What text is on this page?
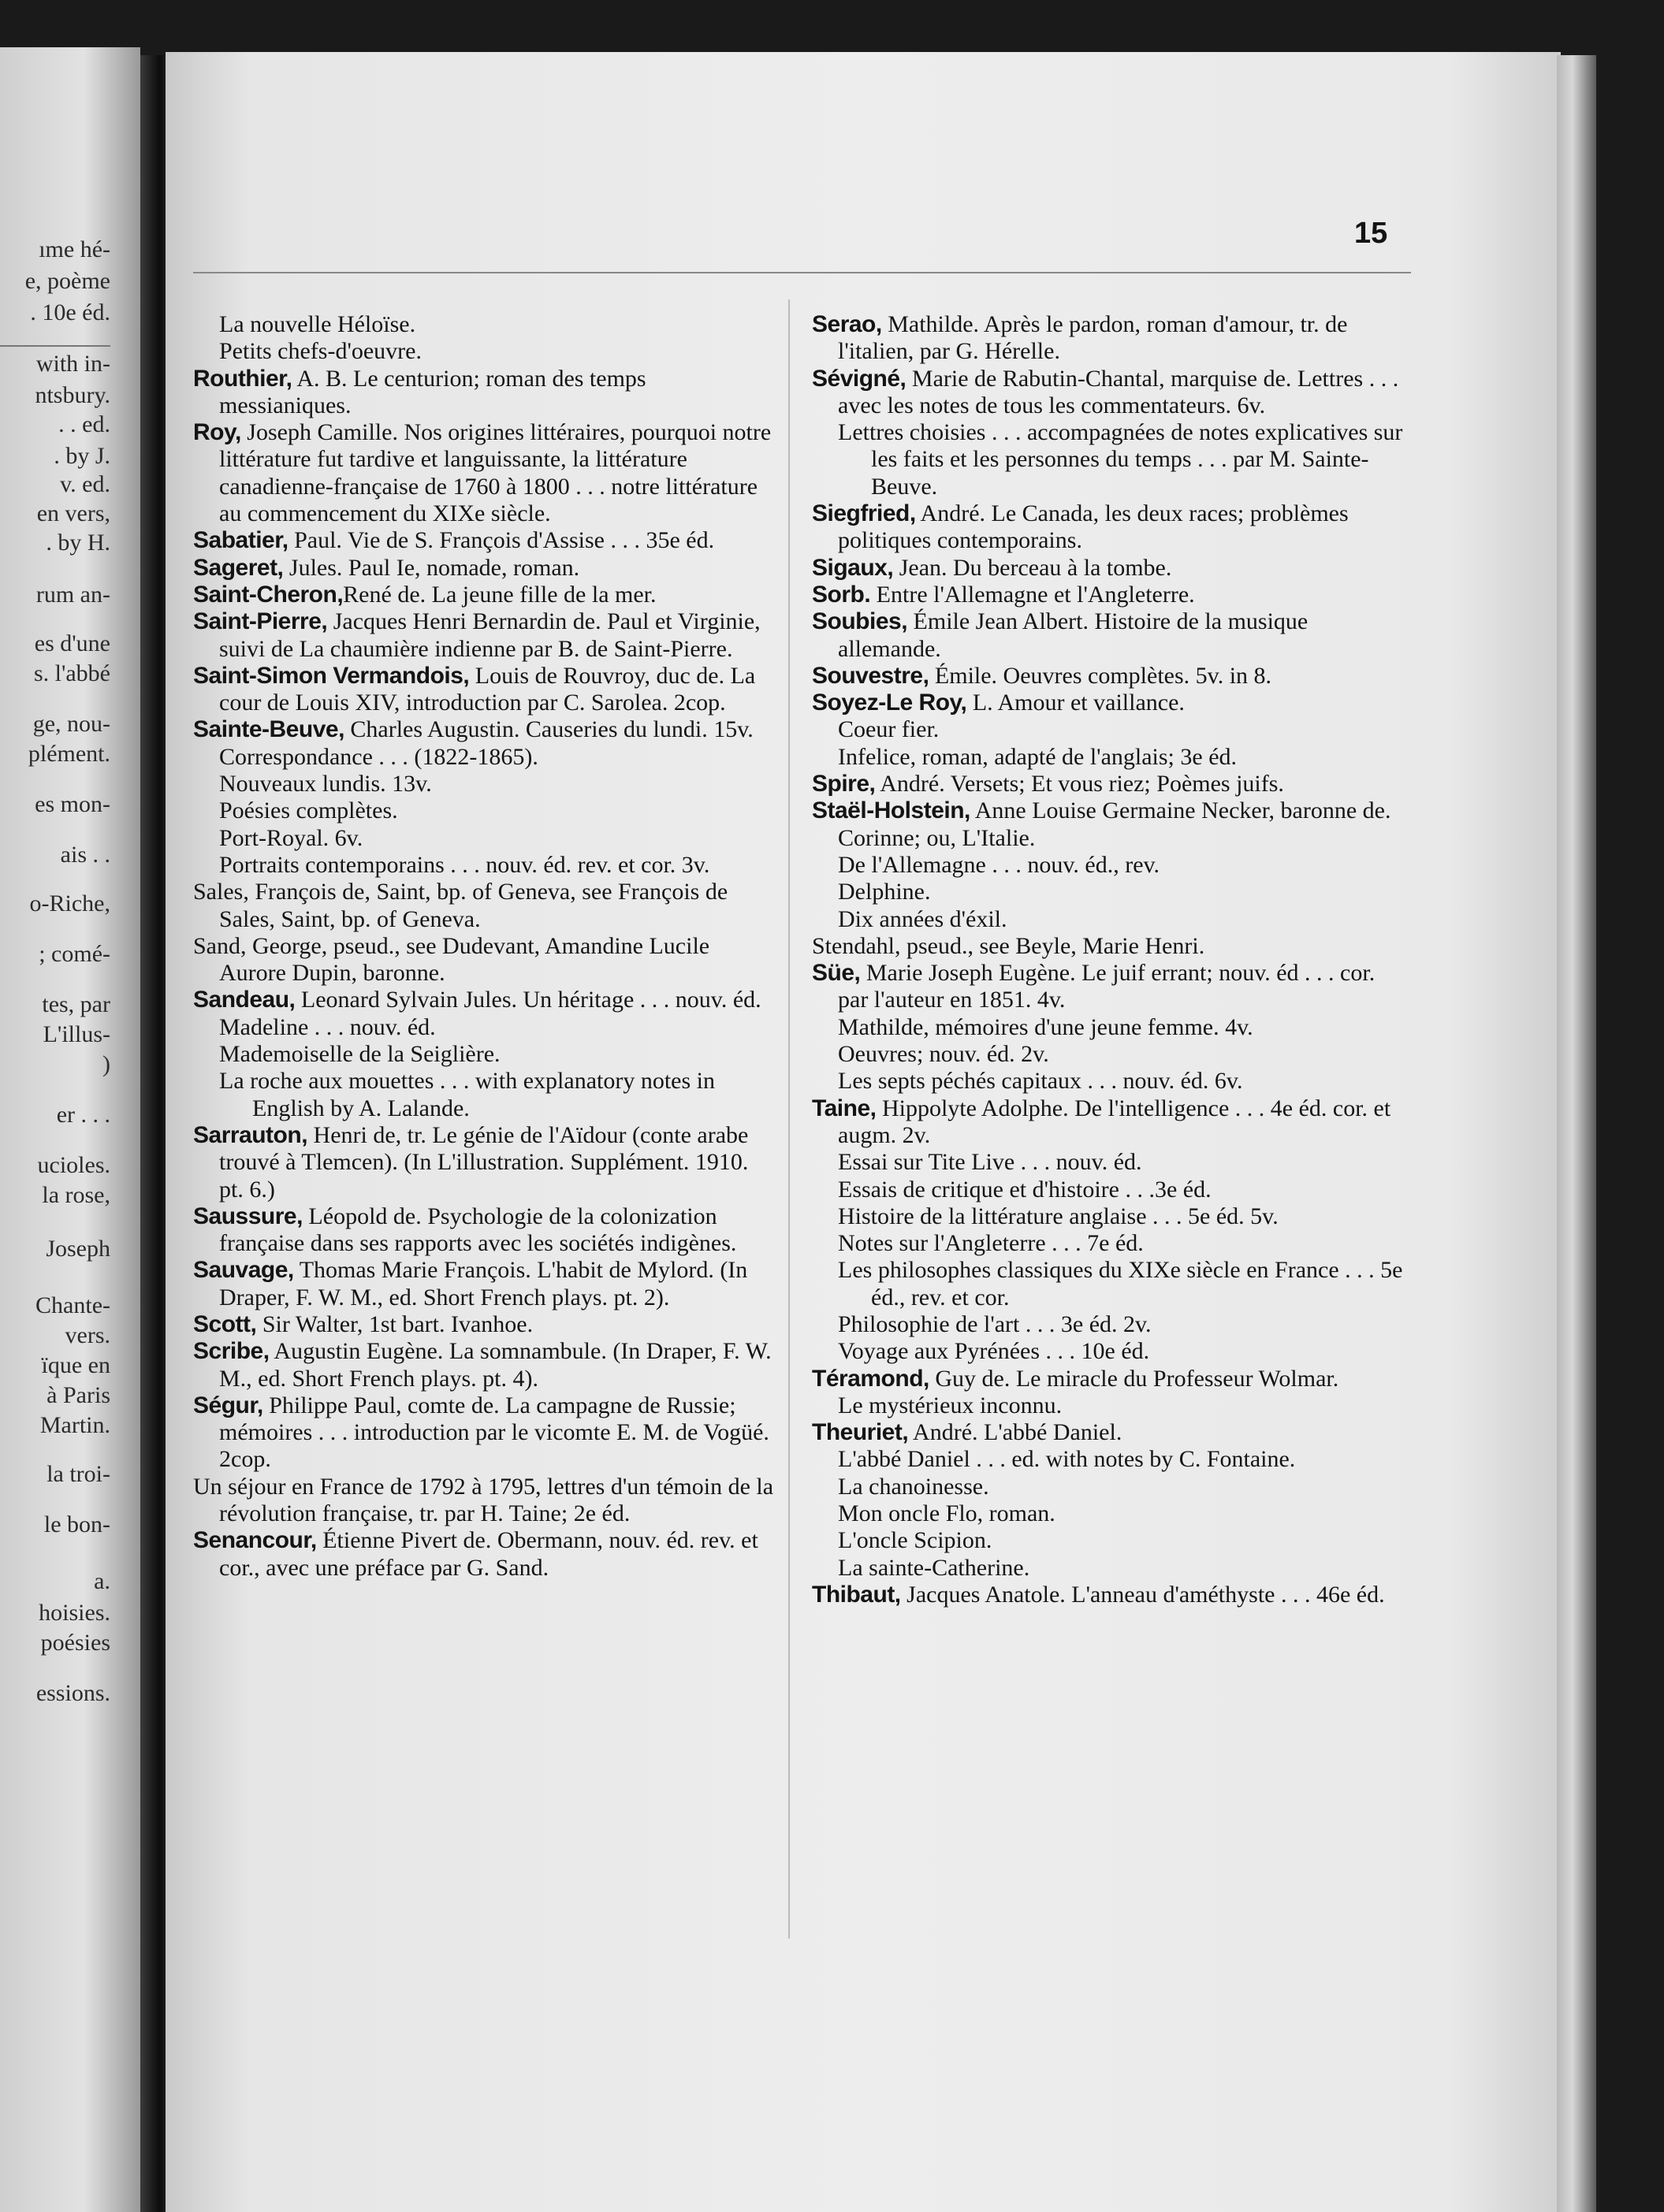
ıme hé-
e, poème
. 10e éd.
with in-
ntsbury.
. . ed.
. by J.
v. ed.
en vers,
. by H.
rum an-
es d'une
s. l'abbé
ge, nou-
plément.
es mon-
ais . .
o-Riche,
; comé-
tes, par
L'illus-
)
er . . .
ucioles.
la rose,
Joseph
Chante-
vers.
ïque en
à Paris
Martin.
la troi-
le bon-
a.
hoisies.
poésies
essions.
15
La nouvelle Héloïse.
Petits chefs-d'oeuvre.
Routhier, A. B. Le centurion; roman des temps messianiques.
Roy, Joseph Camille. Nos origines littéraires, pourquoi notre littérature fut tardive et languissante, la littérature canadienne-française de 1760 à 1800 . . . notre littérature au commencement du XIXe siècle.
Sabatier, Paul. Vie de S. François d'Assise . . . 35e éd.
Sageret, Jules. Paul Ie, nomade, roman.
Saint-Cheron,René de. La jeune fille de la mer.
Saint-Pierre, Jacques Henri Bernardin de. Paul et Virginie, suivi de La chaumière indienne par B. de Saint-Pierre.
Saint-Simon Vermandois, Louis de Rouvroy, duc de. La cour de Louis XIV, introduction par C. Sarolea. 2cop.
Sainte-Beuve, Charles Augustin. Causeries du lundi. 15v.
Correspondance . . . (1822-1865).
Nouveaux lundis. 13v.
Poésies complètes.
Port-Royal. 6v.
Portraits contemporains . . . nouv. éd. rev. et cor. 3v.
Sales, François de, Saint, bp. of Geneva, see François de Sales, Saint, bp. of Geneva.
Sand, George, pseud., see Dudevant, Amandine Lucile Aurore Dupin, baronne.
Sandeau, Leonard Sylvain Jules. Un héritage . . . nouv. éd.
Madeline . . . nouv. éd.
Mademoiselle de la Seiglière.
La roche aux mouettes . . . with explanatory notes in English by A. Lalande.
Sarrauton, Henri de, tr. Le génie de l'Aïdour (conte arabe trouvé à Tlemcen). (In L'illustration. Supplément. 1910. pt. 6.)
Saussure, Léopold de. Psychologie de la colonization française dans ses rapports avec les sociétés indigènes.
Sauvage, Thomas Marie François. L'habit de Mylord. (In Draper, F. W. M., ed. Short French plays. pt. 2).
Scott, Sir Walter, 1st bart. Ivanhoe.
Scribe, Augustin Eugène. La somnambule. (In Draper, F. W. M., ed. Short French plays. pt. 4).
Ségur, Philippe Paul, comte de. La campagne de Russie; mémoires . . . introduction par le vicomte E. M. de Vogüé. 2cop.
Un séjour en France de 1792 à 1795, lettres d'un témoin de la révolution française, tr. par H. Taine; 2e éd.
Senancour, Étienne Pivert de. Obermann, nouv. éd. rev. et cor., avec une préface par G. Sand.
Serao, Mathilde. Après le pardon, roman d'amour, tr. de l'italien, par G. Hérelle.
Sévigné, Marie de Rabutin-Chantal, marquise de. Lettres . . . avec les notes de tous les commentateurs. 6v.
Lettres choisies . . . accompagnées de notes explicatives sur les faits et les personnes du temps . . . par M. Sainte-Beuve.
Siegfried, André. Le Canada, les deux races; problèmes politiques contemporains.
Sigaux, Jean. Du berceau à la tombe.
Sorb. Entre l'Allemagne et l'Angleterre.
Soubies, Émile Jean Albert. Histoire de la musique allemande.
Souvestre, Émile. Oeuvres complètes. 5v. in 8.
Soyez-Le Roy, L. Amour et vaillance.
Coeur fier.
Infelice, roman, adapté de l'anglais; 3e éd.
Spire, André. Versets; Et vous riez; Poèmes juifs.
Staël-Holstein, Anne Louise Germaine Necker, baronne de. Corinne; ou, L'Italie.
De l'Allemagne . . . nouv. éd., rev.
Delphine.
Dix années d'éxil.
Stendahl, pseud., see Beyle, Marie Henri.
Süe, Marie Joseph Eugène. Le juif errant; nouv. éd . . . cor. par l'auteur en 1851. 4v.
Mathilde, mémoires d'une jeune femme. 4v.
Oeuvres; nouv. éd. 2v.
Les septs péchés capitaux . . . nouv. éd. 6v.
Taine, Hippolyte Adolphe. De l'intelligence . . . 4e éd. cor. et augm. 2v.
Essai sur Tite Live . . . nouv. éd.
Essais de critique et d'histoire . . .3e éd.
Histoire de la littérature anglaise . . . 5e éd. 5v.
Notes sur l'Angleterre . . . 7e éd.
Les philosophes classiques du XIXe siècle en France . . . 5e éd., rev. et cor.
Philosophie de l'art . . . 3e éd. 2v.
Voyage aux Pyrénées . . . 10e éd.
Téramond, Guy de. Le miracle du Professeur Wolmar.
Le mystérieux inconnu.
Theuriet, André. L'abbé Daniel.
L'abbé Daniel . . . ed. with notes by C. Fontaine.
La chanoinesse.
Mon oncle Flo, roman.
L'oncle Scipion.
La sainte-Catherine.
Thibaut, Jacques Anatole. L'anneau d'améthyste . . . 46e éd.
